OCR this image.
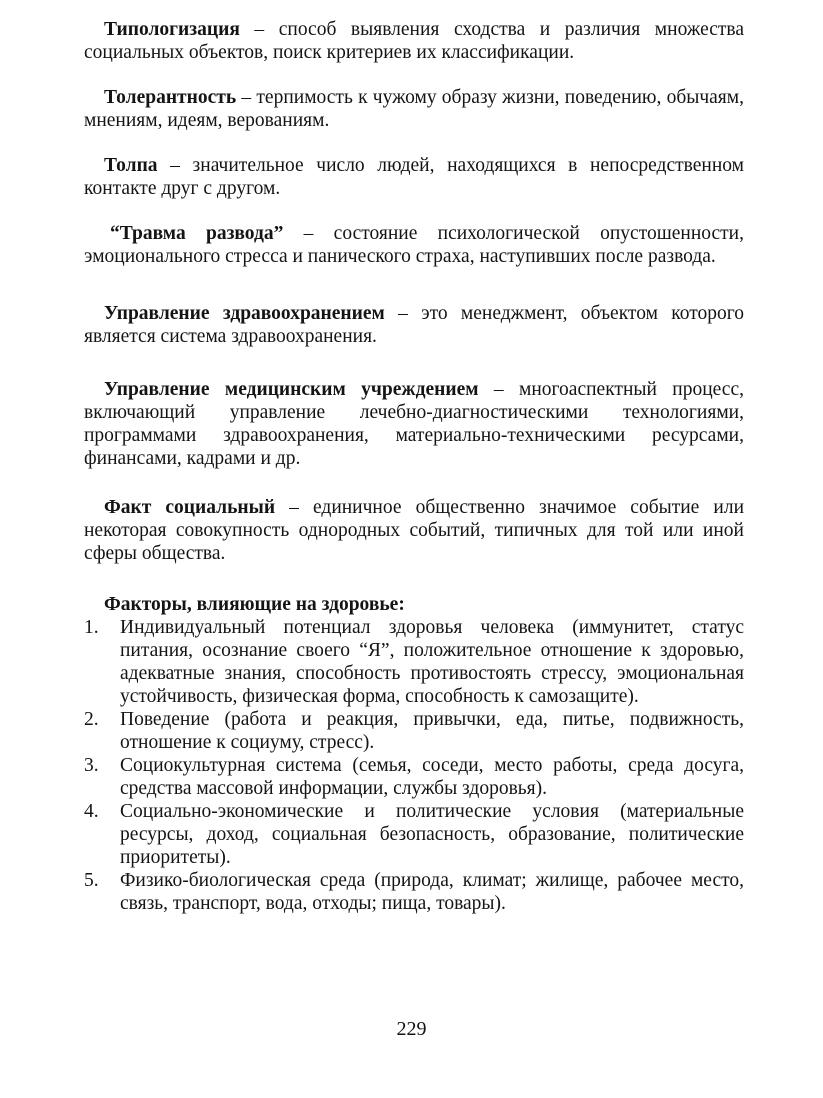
Типологизация – способ выявления сходства и различия множества социальных объектов, поиск критериев их классификации.

Толерантность – терпимость к чужому образу жизни, поведению, обычаям, мнениям, идеям, верованиям.

Толпа – значительное число людей, находящихся в непосредственном контакте друг с другом.

“Травма развода” – состояние психологической опустошенности, эмоционального стресса и панического страха, наступивших после развода.

Управление здравоохранением – это менеджмент, объектом которого является система здравоохранения.

Управление медицинским учреждением – многоаспектный процесс, включающий управление лечебно-диагностическими технологиями, программами здравоохранения, материально-техническими ресурсами, финансами, кадрами и др.

Факт социальный – единичное общественно значимое событие или некоторая совокупность однородных событий, типичных для той или иной сферы общества.

Факторы, влияющие на здоровье:

1. Индивидуальный потенциал здоровья человека (иммунитет, статус питания, осознание своего “Я”, положительное отношение к здоровью, адекватные знания, способность противостоять стрессу, эмоциональная устойчивость, физическая форма, способность к самозащите).
2. Поведение (работа и реакция, привычки, еда, питье, подвижность, отношение к социуму, стресс).
3. Социокультурная система (семья, соседи, место работы, среда досуга, средства массовой информации, службы здоровья).
4. Социально-экономические и политические условия (материальные ресурсы, доход, социальная безопасность, образование, политические приоритеты).
5. Физико-биологическая среда (природа, климат; жилище, рабочее место, связь, транспорт, вода, отходы; пища, товары).
229
